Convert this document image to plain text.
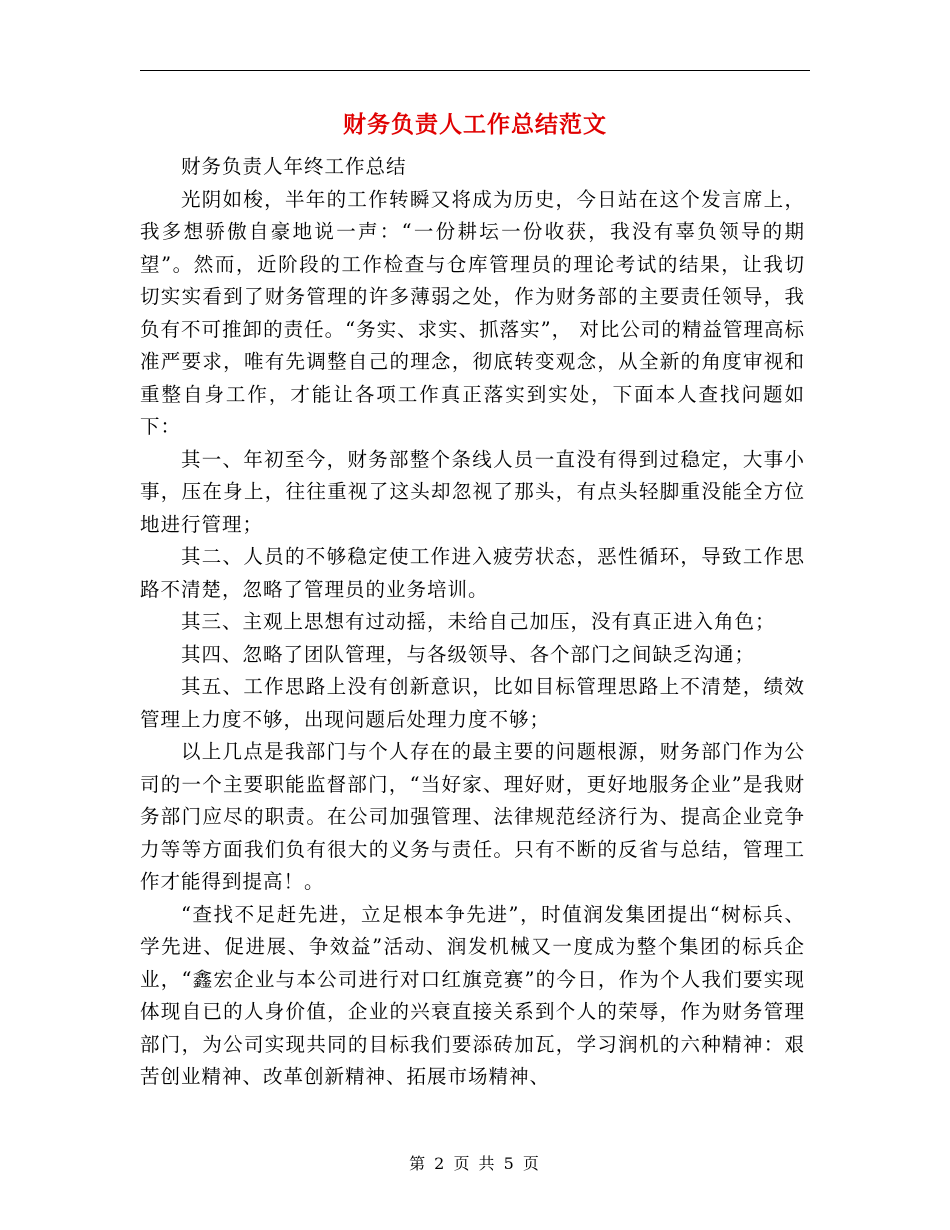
财务负责人工作总结范文

财务负责人年终工作总结

光阴如梭，半年的工作转瞬又将成为历史，今日站在这个发言席上，我多想骄傲自豪地说一声：“一份耕坛一份收获，我没有辜负领导的期望”。然而，近阶段的工作检查与仓库管理员的理论考试的结果，让我切切实实看到了财务管理的许多薄弱之处，作为财务部的主要责任领导，我负有不可推卸的责任。“务实、求实、抓落实”， 对比公司的精益管理高标准严要求，唯有先调整自己的理念，彻底转变观念，从全新的角度审视和重整自身工作，才能让各项工作真正落实到实处，下面本人查找问题如下：

其一、年初至今，财务部整个条线人员一直没有得到过稳定，大事小事，压在身上，往往重视了这头却忽视了那头，有点头轻脚重没能全方位地进行管理；

其二、人员的不够稳定使工作进入疲劳状态，恶性循环，导致工作思路不清楚，忽略了管理员的业务培训。

其三、主观上思想有过动摇，未给自己加压，没有真正进入角色；

其四、忽略了团队管理，与各级领导、各个部门之间缺乏沟通；

其五、工作思路上没有创新意识，比如目标管理思路上不清楚，绩效管理上力度不够，出现问题后处理力度不够；

以上几点是我部门与个人存在的最主要的问题根源，财务部门作为公司的一个主要职能监督部门，“当好家、理好财，更好地服务企业”是我财务部门应尽的职责。在公司加强管理、法律规范经济行为、提高企业竞争力等等方面我们负有很大的义务与责任。只有不断的反省与总结，管理工作才能得到提高！。

“查找不足赶先进，立足根本争先进”，时值润发集团提出“树标兵、学先进、促进展、争效益”活动、润发机械又一度成为整个集团的标兵企业，“鑫宏企业与本公司进行对口红旗竞赛”的今日，作为个人我们要实现体现自已的人身价值，企业的兴衰直接关系到个人的荣辱，作为财务管理部门，为公司实现共同的目标我们要添砖加瓦，学习润机的六种精神：艰苦创业精神、改革创新精神、拓展市场精神、

第 2 页 共 5 页
